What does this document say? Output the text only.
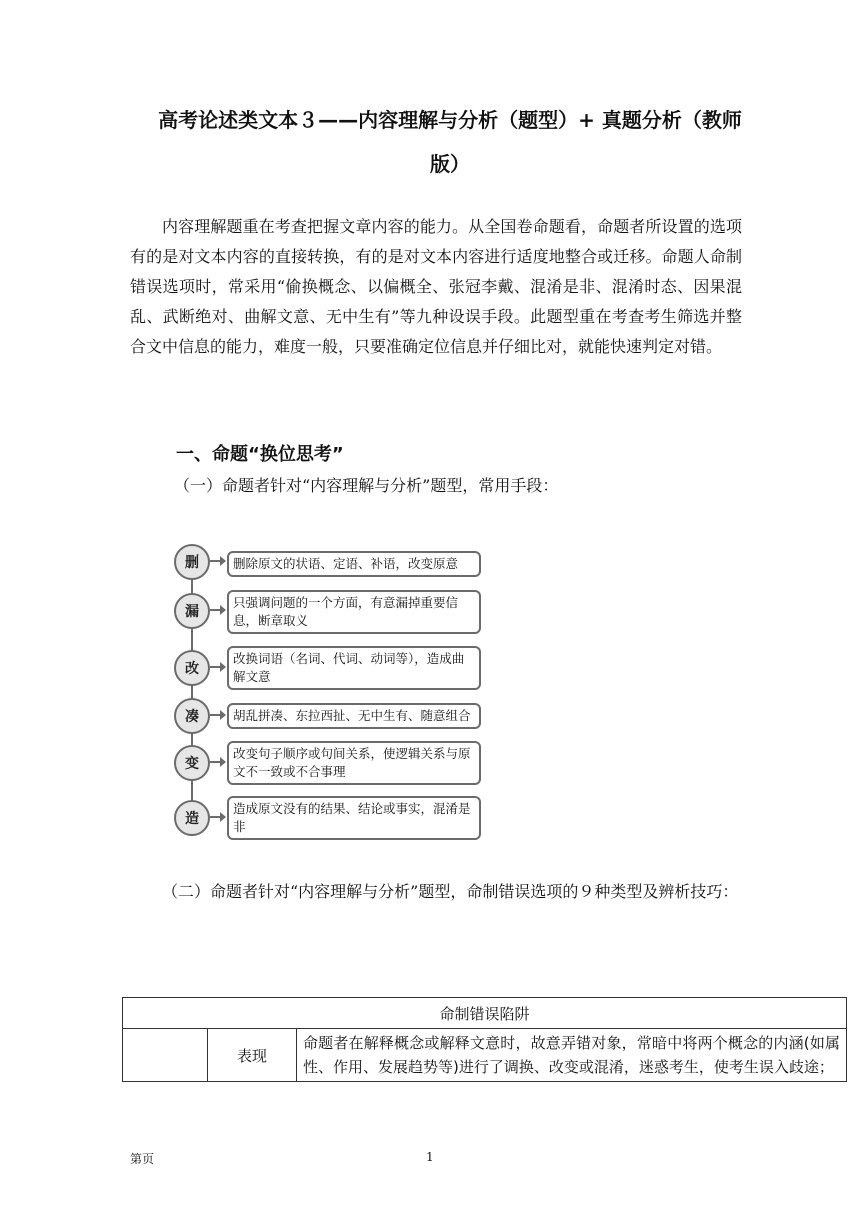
高考论述类文本３——内容理解与分析（题型）+ 真题分析（教师版）
内容理解题重在考查把握文章内容的能力。从全国卷命题看，命题者所设置的选项有的是对文本内容的直接转换，有的是对文本内容进行适度地整合或迁移。命题人命制错误选项时，常采用“偷换概念、以偏概全、张冠李戴、混淆是非、混淆时态、因果混乱、武断绝对、曲解文意、无中生有”等九种设误手段。此题型重在考查考生筛选并整合文中信息的能力，难度一般，只要准确定位信息并仔细比对，就能快速判定对错。
一、命题“换位思考”
（一）命题者针对“内容理解与分析”题型，常用手段：
删	删除原文的状语、定语、补语，改变原意
漏
只强调问题的一个方面，有意漏掉重要信息，断章取义
改
改换词语（名词、代词、动词等），造成曲解文意
凑	胡乱拼凑、东拉西扯、无中生有、随意组合
变
改变句子顺序或句间关系，使逻辑关系与原文不一致或不合事理
造
造成原文没有的结果、结论或事实，混淆是非
（二）命题者针对“内容理解与分析”题型，命制错误选项的９种类型及辨析技巧：
命制错误陷阱
	表现	命题者在解释概念或解释文意时，故意弄错对象，常暗中将两个概念的内涵(如属性、作用、发展趋势等)进行了调换、改变或混淆，迷惑考生，使考生误入歧途；
第页	1
